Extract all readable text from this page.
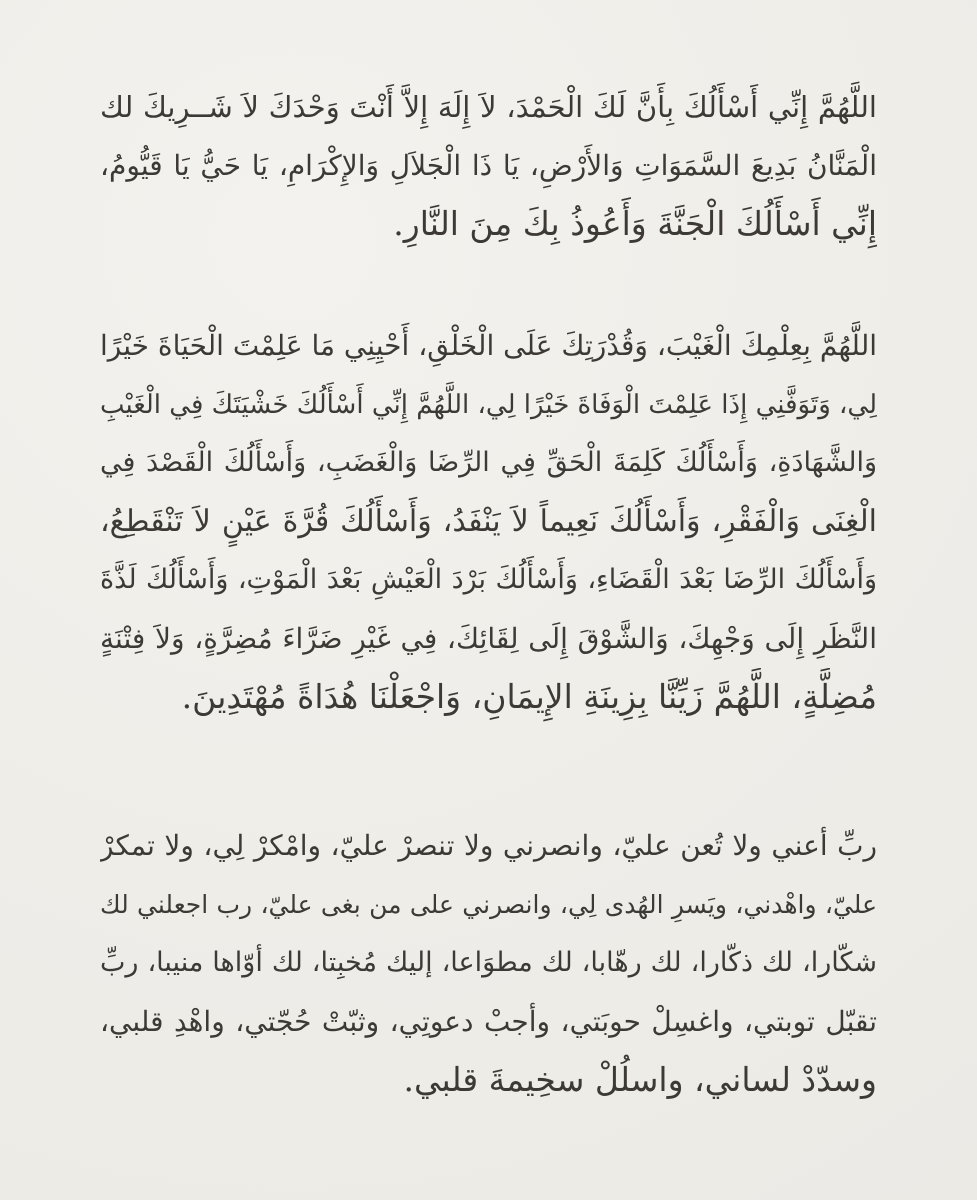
اللَّهُمَّ إِنِّي أَسْأَلُكَ بِأَنَّ لَكَ الْحَمْدَ، لاَ إِلَهَ إِلاَّ أَنْتَ وَحْدَكَ لاَ شَــرِيكَ لك
الْمَنَّانُ بَدِيعَ السَّمَوَاتِ وَالأَرْضِ، يَا ذَا الْجَلاَلِ وَالإِكْرَامِ، يَا حَيُّ يَا قَيُّومُ،
إِنِّي أَسْأَلُكَ الْجَنَّةَ وَأَعُوذُ بِكَ مِنَ النَّارِ.
اللَّهُمَّ بِعِلْمِكَ الْغَيْبَ، وَقُدْرَتِكَ عَلَى الْخَلْقِ، أَحْيِنِي مَا عَلِمْتَ الْحَيَاةَ خَيْرًا
لِي، وَتَوَفَّنِي إِذَا عَلِمْتَ الْوَفَاةَ خَيْرًا لِي، اللَّهُمَّ إِنِّي أَسْأَلُكَ خَشْيَتَكَ فِي الْغَيْبِ
وَالشَّهَادَةِ، وَأَسْأَلُكَ كَلِمَةَ الْحَقِّ فِي الرِّضَا وَالْغَضَبِ، وَأَسْأَلُكَ الْقَصْدَ فِي
الْغِنَى وَالْفَقْرِ، وَأَسْأَلُكَ نَعِيماً لاَ يَنْفَدُ، وَأَسْأَلُكَ قُرَّةَ عَيْنٍ لاَ تَنْقَطِعُ،
وَأَسْأَلُكَ الرِّضَا بَعْدَ الْقَضَاءِ، وَأَسْأَلُكَ بَرْدَ الْعَيْشِ بَعْدَ الْمَوْتِ، وَأَسْأَلُكَ لَذَّةَ
النَّظَرِ إِلَى وَجْهِكَ، وَالشَّوْقَ إِلَى لِقَائِكَ، فِي غَيْرِ ضَرَّاءَ مُضِرَّةٍ، وَلاَ فِتْنَةٍ
مُضِلَّةٍ، اللَّهُمَّ زَيِّنَّا بِزِينَةِ الإِيمَانِ، وَاجْعَلْنَا هُدَاةً مُهْتَدِينَ.
ربِّ أعني ولا تُعن عليّ، وانصرني ولا تنصرْ عليّ، وامْكرْ لِي، ولا تمكرْ
عليّ، واهْدني، ويَسرِ الهُدى لِي، وانصرني على من بغى عليّ، رب اجعلني لك
شكّارا، لك ذكّارا، لك رهّابا، لك مطوَاعا، إليك مُخبِتا، لك أوّاها منيبا، ربِّ
تقبّل توبتي، واغسِلْ حوبَتي، وأجبْ دعوتِي، وثبّتْ حُجّتي، واهْدِ قلبي،
وسدّدْ لساني، واسلُلْ سخِيمةَ قلبي.
